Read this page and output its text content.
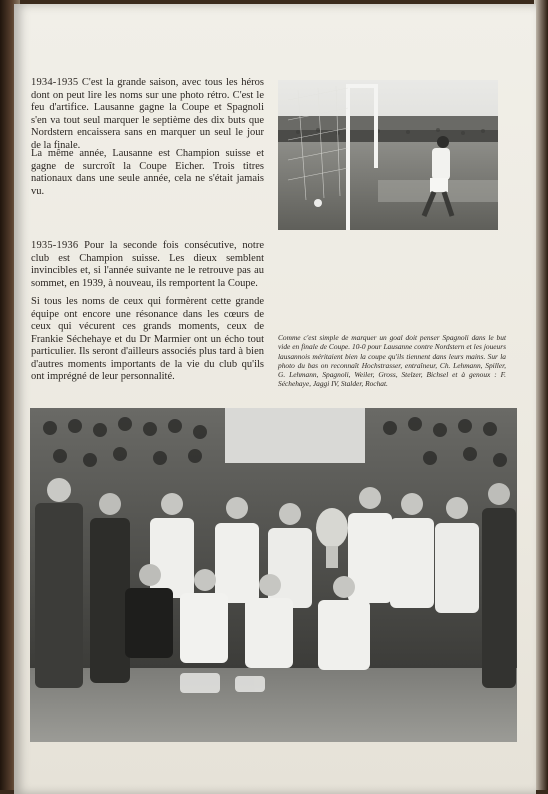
1934-1935 C'est la grande saison, avec tous les héros dont on peut lire les noms sur une photo rétro. C'est le feu d'artifice. Lausanne gagne la Coupe et Spagnoli s'en va tout seul marquer le septième des dix buts que Nordstern encaissera sans en marquer un seul le jour de la finale.

La même année, Lausanne est Champion suisse et gagne de surcroît la Coupe Eicher. Trois titres nationaux dans une seule année, cela ne s'était jamais vu.

1935-1936 Pour la seconde fois consécutive, notre club est Champion suisse. Les dieux semblent invincibles et, si l'année suivante ne le retrouve pas au sommet, en 1939, à nouveau, ils remportent la Coupe.

Si tous les noms de ceux qui formèrent cette grande équipe ont encore une résonance dans les cœurs de ceux qui vécurent ces grands moments, ceux de Frankie Séchehaye et du Dr Marmier ont un écho tout particulier. Ils seront d'ailleurs associés plus tard à bien d'autres moments importants de la vie du club qu'ils ont imprégné de leur personnalité.

Comme c'est simple de marquer un goal doit penser Spagnoli dans le but vide en finale de Coupe. 10-0 pour Lausanne contre Nordstern et les joueurs lausannois méritaient bien la coupe qu'ils tiennent dans leurs mains. Sur la photo du bas on reconnaît Hochstrasser, entraîneur, Ch. Lehmann, Spiller, G. Lehmann, Spagnoli, Weiler, Gross, Stelzer, Bichsel et à genoux : F. Séchehaye, Jaggi IV, Stalder, Rochat.
